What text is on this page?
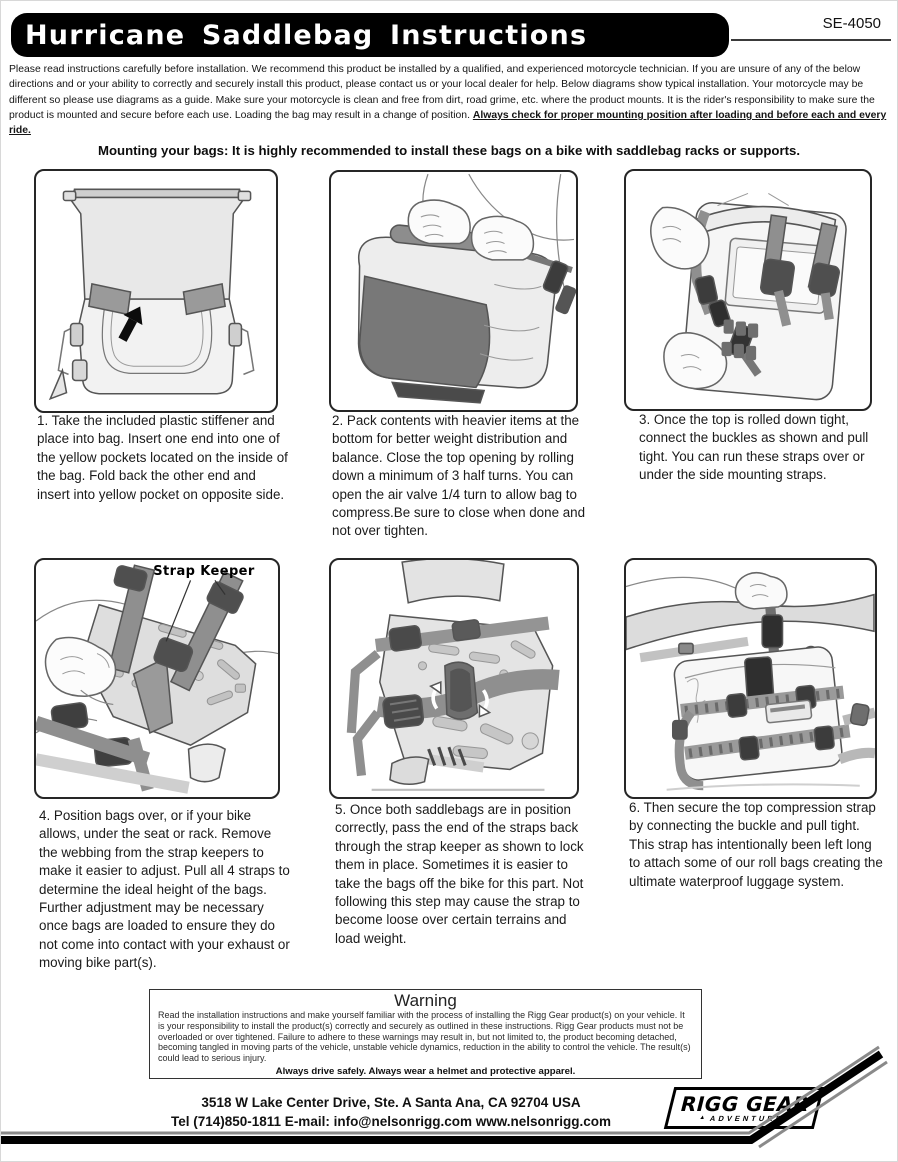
Hurricane Saddlebag Instructions	SE-4050
Please read instructions carefully before installation. We recommend this product be installed by a qualified, and experienced motorcycle technician. If you are unsure of any of the below directions and or your ability to correctly and securely install this product, please contact us or your local dealer for help. Below diagrams show typical installation. Your motorcycle may be different so please use diagrams as a guide. Make sure your motorcycle is clean and free from dirt, road grime, etc. where the product mounts. It is the rider's responsibility to make sure the product is mounted and secure before each use. Loading the bag may result in a change of position. Always check for proper mounting position after loading and before each and every ride.
Mounting your bags: It is highly recommended to install these bags on a bike with saddlebag racks or supports.
1. Take the included plastic stiffener and place into bag. Insert one end into one of the yellow pockets located on the inside of the bag. Fold back the other end and insert into yellow pocket on opposite side.
2. Pack contents with heavier items at the bottom for better weight distribution and balance. Close the top opening by rolling down a minimum of 3 half turns. You can open the air valve 1/4 turn to allow bag to compress.Be sure to close when done and not over tighten.
3. Once the top is rolled down tight, connect the buckles as shown and pull tight. You can run these straps over or under the side mounting straps.
Strap Keeper
4. Position bags over, or if your bike allows, under the seat or rack. Remove the webbing from the strap keepers to make it easier to adjust. Pull all 4 straps to determine the ideal height of the bags. Further adjustment may be necessary once bags are loaded to ensure they do not come into contact with your exhaust or moving bike part(s).
5. Once both saddlebags are in position correctly, pass the end of the straps back through the strap keeper as shown to lock them in place. Sometimes it is easier to take the bags off the bike for this part. Not following this step may cause the strap to become loose over certain terrains and load weight.
6. Then secure the top compression strap by connecting the buckle and pull tight. This strap has intentionally been left long to attach some of our roll bags creating the ultimate waterproof luggage system.
Warning
Read the installation instructions and make yourself familiar with the process of installing the Rigg Gear product(s) on your vehicle. It is your responsibility to install the product(s) correctly and securely as outlined in these instructions. Rigg Gear products must not be overloaded or over tightened. Failure to adhere to these warnings may result in, but not limited to, the product becoming detached, becoming tangled in moving parts of the vehicle, unstable vehicle dynamics, reduction in the ability to control the vehicle. The result(s) could lead to serious injury.
Always drive safely. Always wear a helmet and protective apparel.
3518 W Lake Center Drive, Ste. A Santa Ana, CA 92704 USA
Tel (714)850-1811 E-mail: info@nelsonrigg.com www.nelsonrigg.com
RIGG GEAR
▲ ADVENTURE
